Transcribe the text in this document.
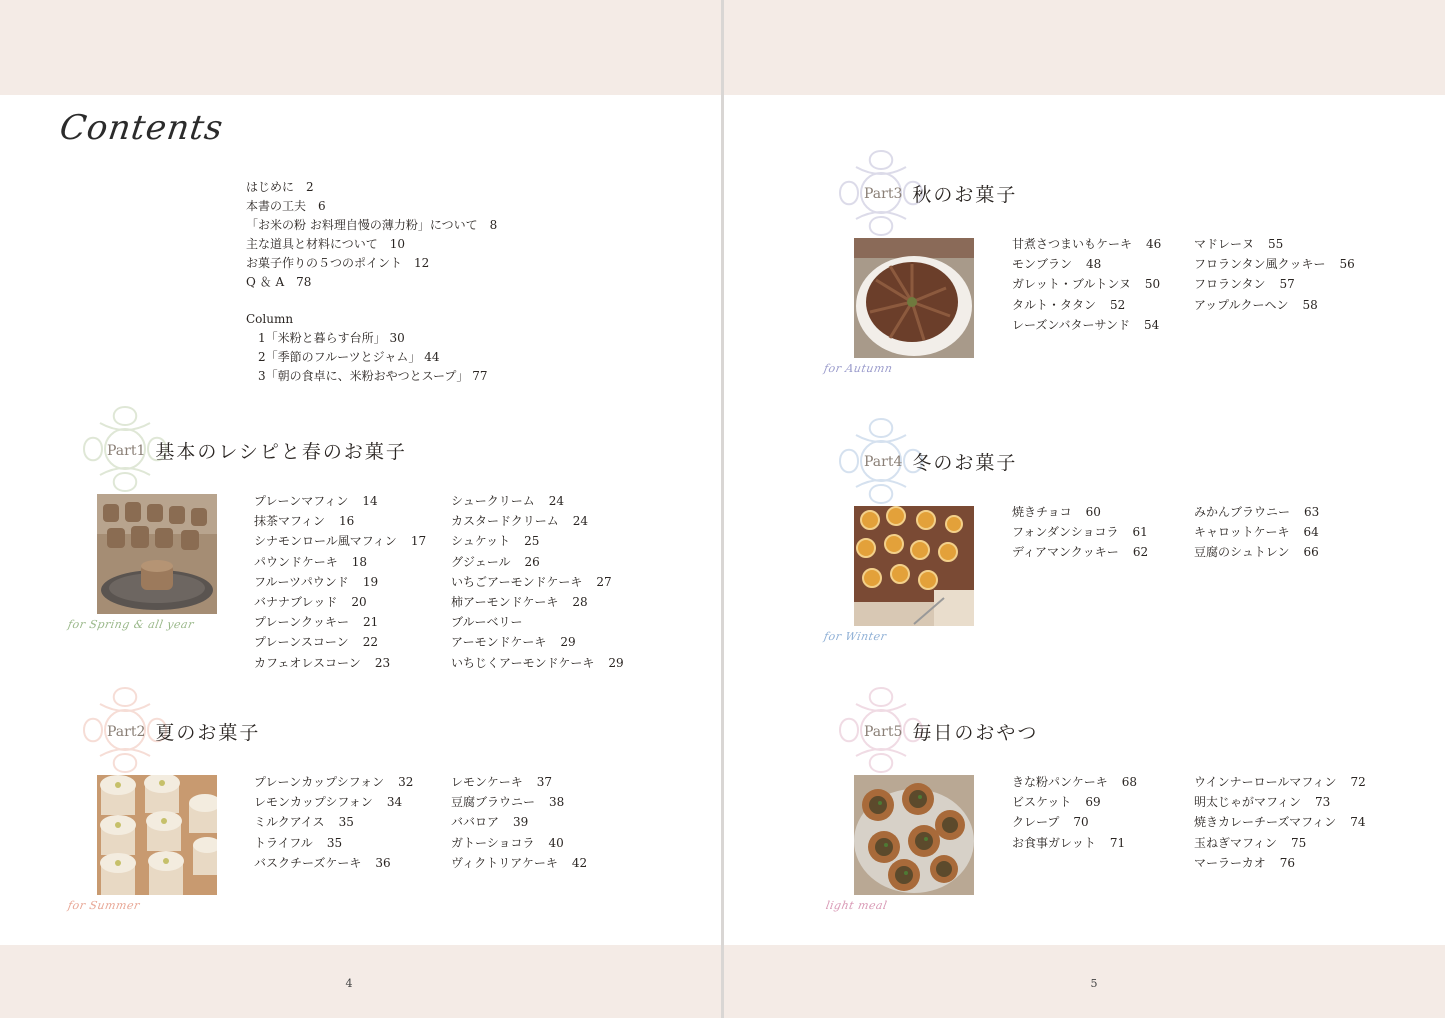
Contents
はじめに　2
本書の工夫　6
「お米の粉 お料理自慢の薄力粉」について　8
主な道具と材料について　10
お菓子作りの５つのポイント　12
Q ＆ A　78
Column
1「米粉と暮らす台所」 30
2「季節のフルーツとジャム」 44
3「朝の食卓に、米粉おやつとスープ」 77
Part1 基本のレシピと春のお菓子
for Spring & all year
プレーンマフィン 14
抹茶マフィン 16
シナモンロール風マフィン 17
パウンドケーキ 18
フルーツパウンド 19
バナナブレッド 20
プレーンクッキー 21
プレーンスコーン 22
カフェオレスコーン 23
シュークリーム 24
カスタードクリーム 24
シュケット 25
グジェール 26
いちごアーモンドケーキ 27
柿アーモンドケーキ 28
ブルーベリー
アーモンドケーキ 29
いちじくアーモンドケーキ 29
Part2 夏のお菓子
for Summer
プレーンカップシフォン 32
レモンカップシフォン 34
ミルクアイス 35
トライフル 35
バスクチーズケーキ 36
レモンケーキ 37
豆腐ブラウニー 38
ババロア 39
ガトーショコラ 40
ヴィクトリアケーキ 42
4
Part3 秋のお菓子
for Autumn
甘煮さつまいもケーキ 46
モンブラン 48
ガレット・ブルトンヌ 50
タルト・タタン 52
レーズンバターサンド 54
マドレーヌ 55
フロランタン風クッキー 56
フロランタン 57
アップルクーヘン 58
Part4 冬のお菓子
for Winter
焼きチョコ 60
フォンダンショコラ 61
ディアマンクッキー 62
みかんブラウニー 63
キャロットケーキ 64
豆腐のシュトレン 66
Part5 毎日のおやつ
light meal
きな粉パンケーキ 68
ビスケット 69
クレープ 70
お食事ガレット 71
ウインナーロールマフィン 72
明太じゃがマフィン 73
焼きカレーチーズマフィン 74
玉ねぎマフィン 75
マーラーカオ 76
5
